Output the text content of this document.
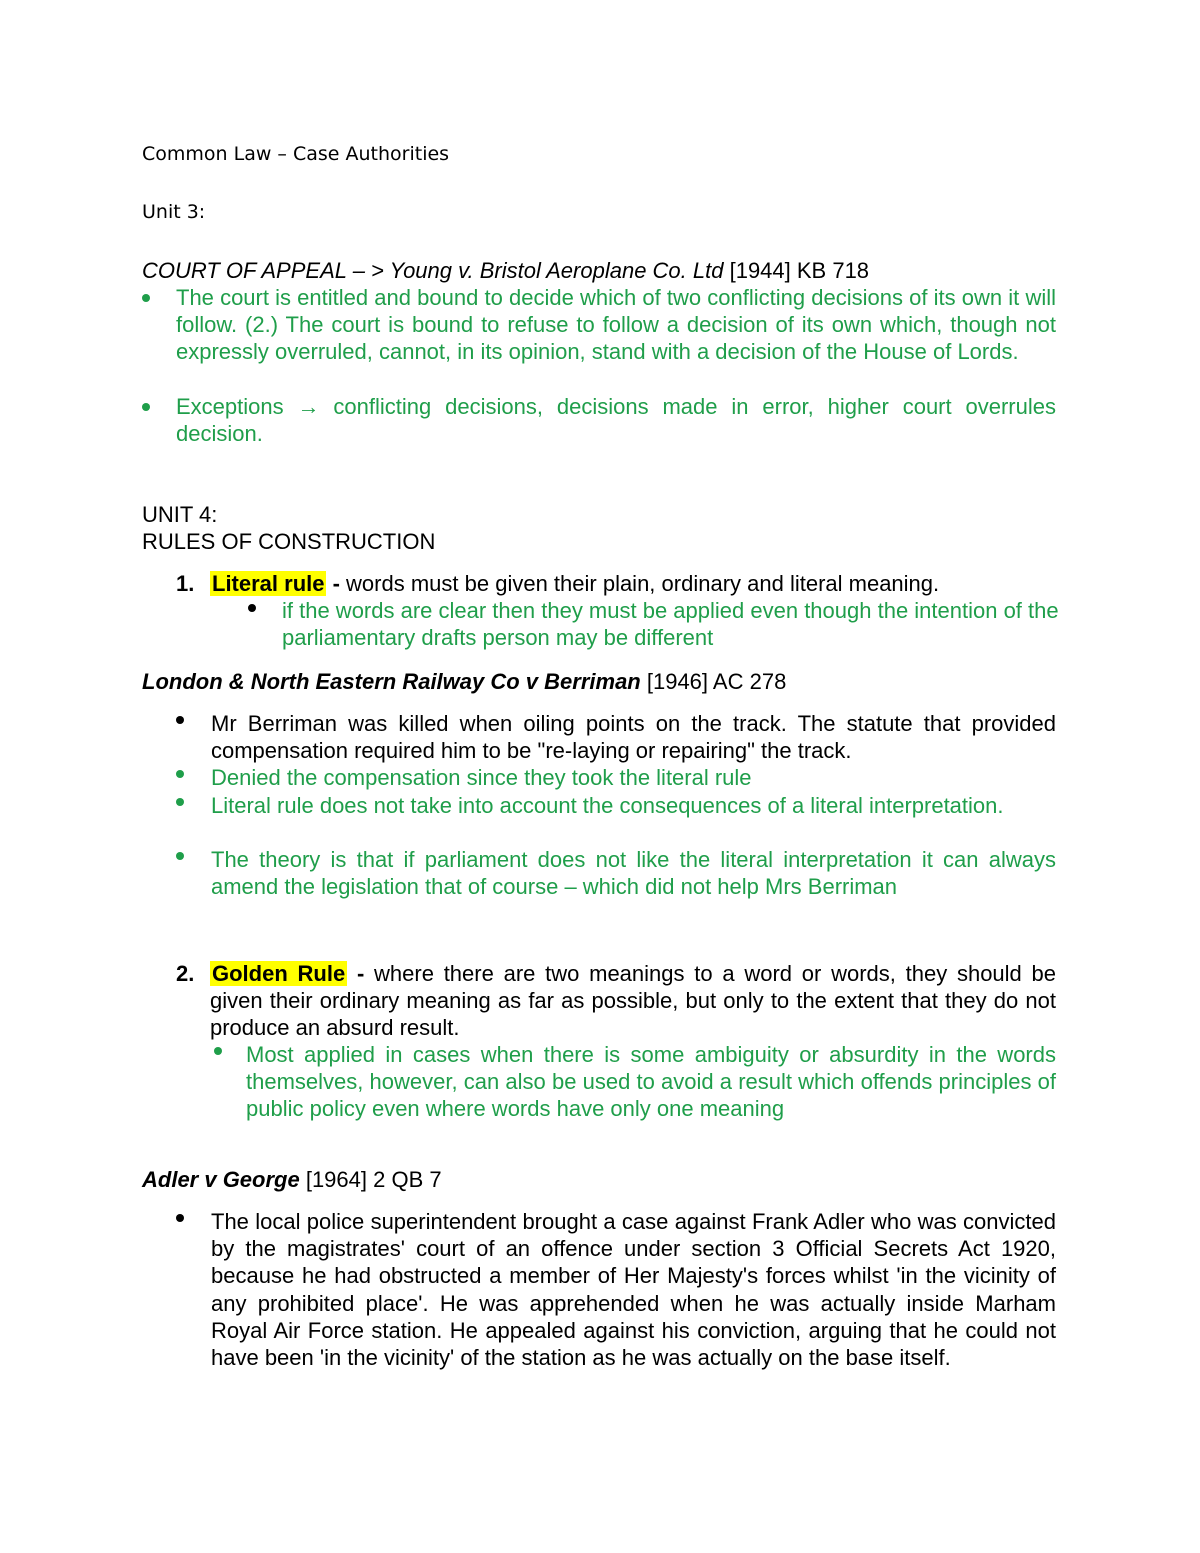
Common Law – Case Authorities
Unit 3:
COURT OF APPEAL – > Young v. Bristol Aeroplane Co. Ltd [1944] KB 718
The court is entitled and bound to decide which of two conflicting decisions of its own it will follow. (2.) The court is bound to refuse to follow a decision of its own which, though not expressly overruled, cannot, in its opinion, stand with a decision of the House of Lords.
Exceptions → conflicting decisions, decisions made in error, higher court overrules decision.
UNIT 4:
RULES OF CONSTRUCTION
1. Literal rule - words must be given their plain, ordinary and literal meaning.
if the words are clear then they must be applied even though the intention of the parliamentary drafts person may be different
London & North Eastern Railway Co v Berriman [1946] AC 278
Mr Berriman was killed when oiling points on the track. The statute that provided compensation required him to be "re-laying or repairing" the track.
Denied the compensation since they took the literal rule
Literal rule does not take into account the consequences of a literal interpretation.
The theory is that if parliament does not like the literal interpretation it can always amend the legislation that of course – which did not help Mrs Berriman
2. Golden Rule - where there are two meanings to a word or words, they should be given their ordinary meaning as far as possible, but only to the extent that they do not produce an absurd result.
Most applied in cases when there is some ambiguity or absurdity in the words themselves, however, can also be used to avoid a result which offends principles of public policy even where words have only one meaning
Adler v George [1964] 2 QB 7
The local police superintendent brought a case against Frank Adler who was convicted by the magistrates' court of an offence under section 3 Official Secrets Act 1920, because he had obstructed a member of Her Majesty's forces whilst 'in the vicinity of any prohibited place'. He was apprehended when he was actually inside Marham Royal Air Force station. He appealed against his conviction, arguing that he could not have been 'in the vicinity' of the station as he was actually on the base itself.
